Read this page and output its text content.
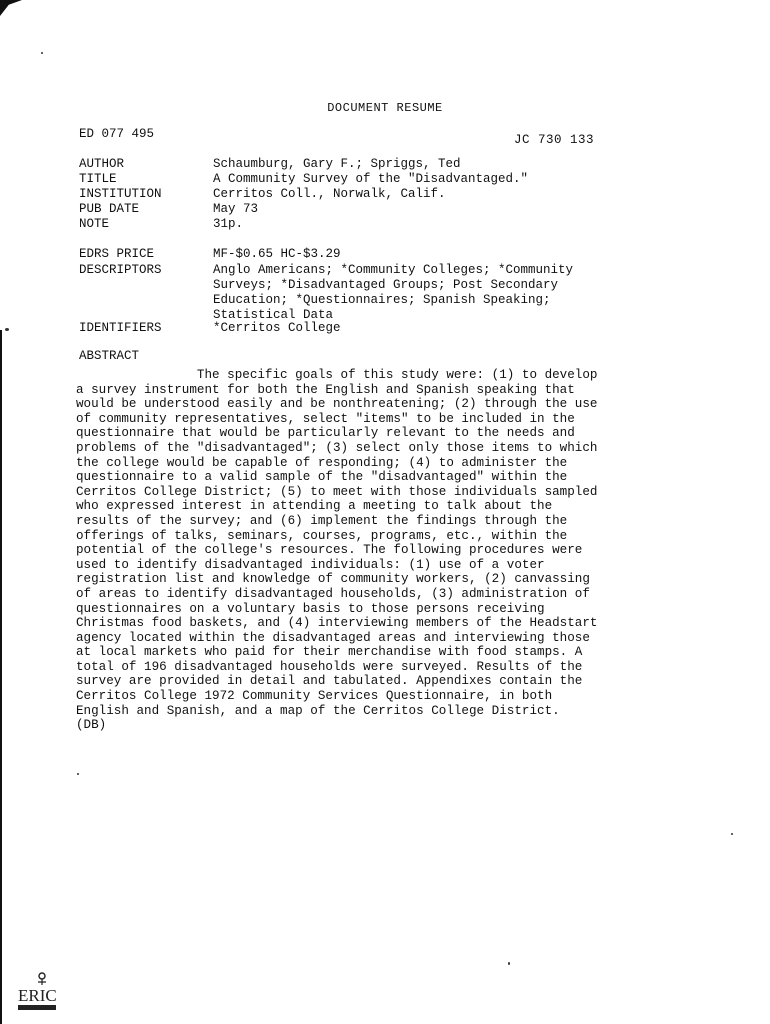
DOCUMENT RESUME
ED 077 495	JC 730 133
AUTHOR	Schaumburg, Gary F.; Spriggs, Ted
TITLE	A Community Survey of the "Disadvantaged."
INSTITUTION	Cerritos Coll., Norwalk, Calif.
PUB DATE	May 73
NOTE	31p.
EDRS PRICE	MF-$0.65 HC-$3.29
DESCRIPTORS	Anglo Americans; *Community Colleges; *Community
Surveys; *Disadvantaged Groups; Post Secondary
Education; *Questionnaires; Spanish Speaking;
Statistical Data
IDENTIFIERS	*Cerritos College
ABSTRACT
The specific goals of this study were: (1) to develop
a survey instrument for both the English and Spanish speaking that
would be understood easily and be nonthreatening; (2) through the use
of community representatives, select "items" to be included in the
questionnaire that would be particularly relevant to the needs and
problems of the "disadvantaged"; (3) select only those items to which
the college would be capable of responding; (4) to administer the
questionnaire to a valid sample of the "disadvantaged" within the
Cerritos College District; (5) to meet with those individuals sampled
who expressed interest in attending a meeting to talk about the
results of the survey; and (6) implement the findings through the
offerings of talks, seminars, courses, programs, etc., within the
potential of the college's resources. The following procedures were
used to identify disadvantaged individuals: (1) use of a voter
registration list and knowledge of community workers, (2) canvassing
of areas to identify disadvantaged households, (3) administration of
questionnaires on a voluntary basis to those persons receiving
Christmas food baskets, and (4) interviewing members of the Headstart
agency located within the disadvantaged areas and interviewing those
at local markets who paid for their merchandise with food stamps. A
total of 196 disadvantaged households were surveyed. Results of the
survey are provided in detail and tabulated. Appendixes contain the
Cerritos College 1972 Community Services Questionnaire, in both
English and Spanish, and a map of the Cerritos College District.
(DB)
ERIC
